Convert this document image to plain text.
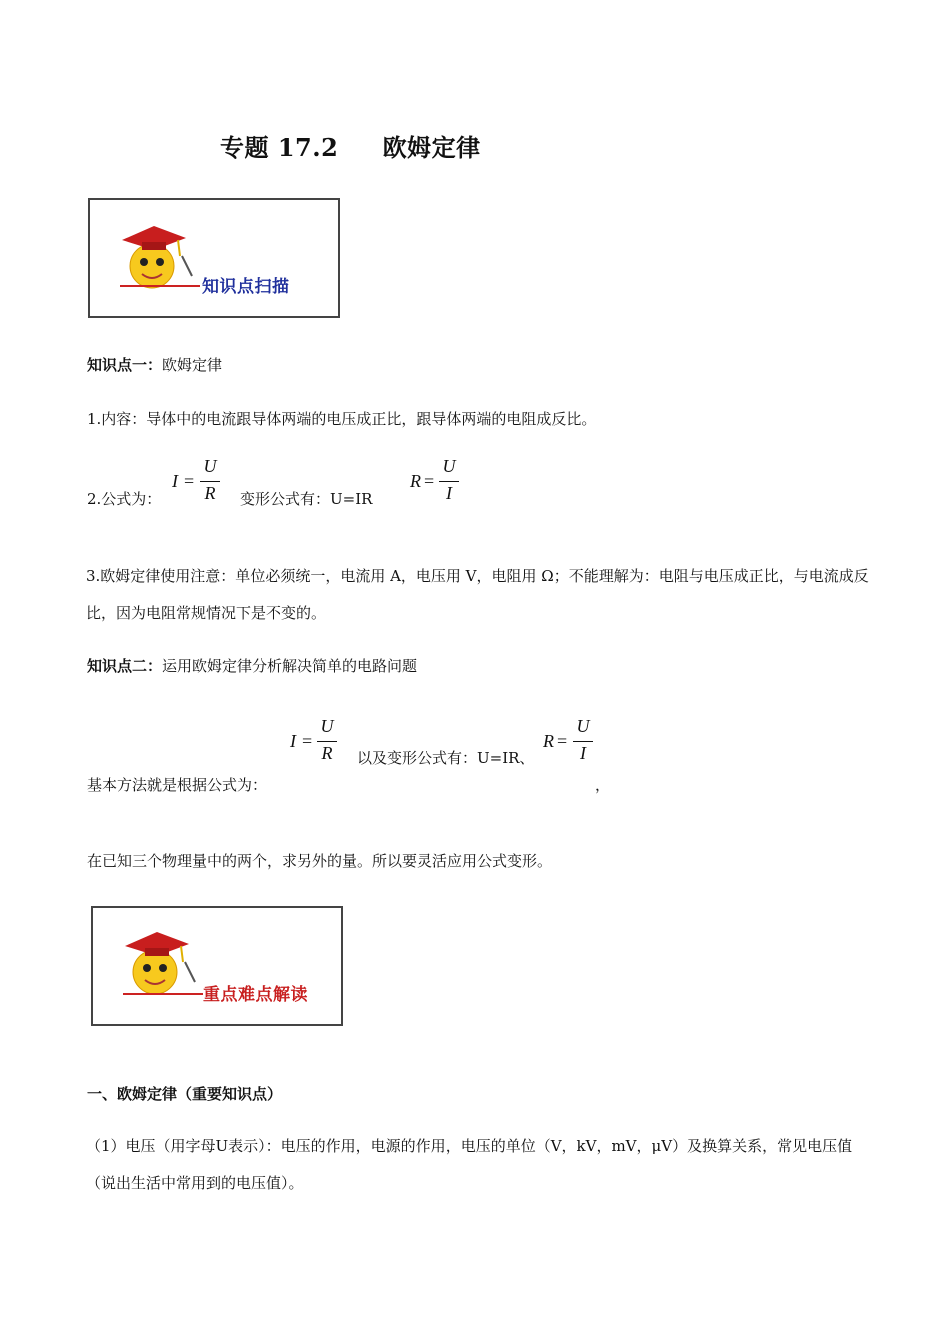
专题 17.2     欧姆定律
知识点扫描
知识点一：欧姆定律
1.内容：导体中的电流跟导体两端的电压成正比，跟导体两端的电阻成反比。
2.公式为：
I =
U
R	变形公式有：U=IR
R =
U
I
3.欧姆定律使用注意：单位必须统一，电流用 A，电压用 V，电阻用 Ω；不能理解为：电阻与电压成正比，与电流成反比，因为电阻常规情况下是不变的。
知识点二：运用欧姆定律分析解决简单的电路问题
I =
U
R	以及变形公式有：U=IR、
R =
U
I
基本方法就是根据公式为：	，
在已知三个物理量中的两个，求另外的量。所以要灵活应用公式变形。
重点难点解读
一、欧姆定律（重要知识点）
（1）电压（用字母U表示）：电压的作用，电源的作用，电压的单位（V，kV，mV，μV）及换算关系，常见电压值（说出生活中常用到的电压值）。
